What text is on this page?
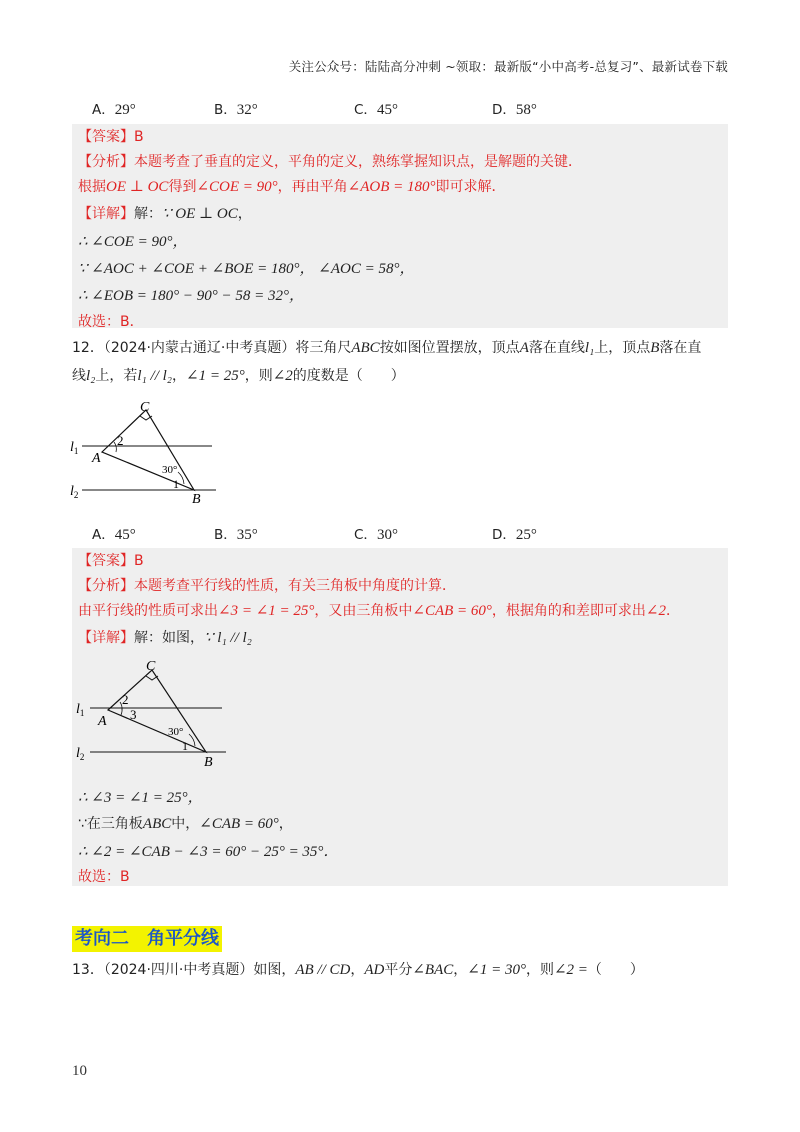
关注公众号：陆陆高分冲刺 ~领取：最新版“小中高考-总复习”、最新试卷下载
A．29°	B．32°	C．45°	D．58°
【答案】B
【分析】本题考查了垂直的定义，平角的定义，熟练掌握知识点，是解题的关键．
根据OE ⊥ OC得到∠COE = 90°，再由平角∠AOB = 180°即可求解．
【详解】解：∵ OE ⊥ OC，
∴ ∠COE = 90°，
∵ ∠AOC + ∠COE + ∠BOE = 180°， ∠AOC = 58°，
∴ ∠EOB = 180° − 90° − 58 = 32°，
故选：B．
12．（2024·内蒙古通辽·中考真题）将三角尺ABC按如图位置摆放，顶点A落在直线l₁上，顶点B落在直
线l₂上，若l₁ // l₂，∠1 = 25°，则∠2的度数是（　　）
C
A
B
2
30°
1
$l_1$
$l_2$
A．45°	B．35°	C．30°	D．25°
【答案】B
【分析】本题考查平行线的性质，有关三角板中角度的计算．
由平行线的性质可求出∠3 = ∠1 = 25°，又由三角板中∠CAB = 60°，根据角的和差即可求出∠2．
【详解】解：如图，∵ l₁ // l₂
C
A
B
2
3
30°
1
$l_1$
$l_2$
∴ ∠3 = ∠1 = 25°，
∵在三角板ABC中，∠CAB = 60°，
∴ ∠2 = ∠CAB − ∠3 = 60° − 25° = 35°．
故选：B
考向二　角平分线
13．（2024·四川·中考真题）如图，AB // CD，AD平分∠BAC，∠1 = 30°，则∠2 =（　　）
10
